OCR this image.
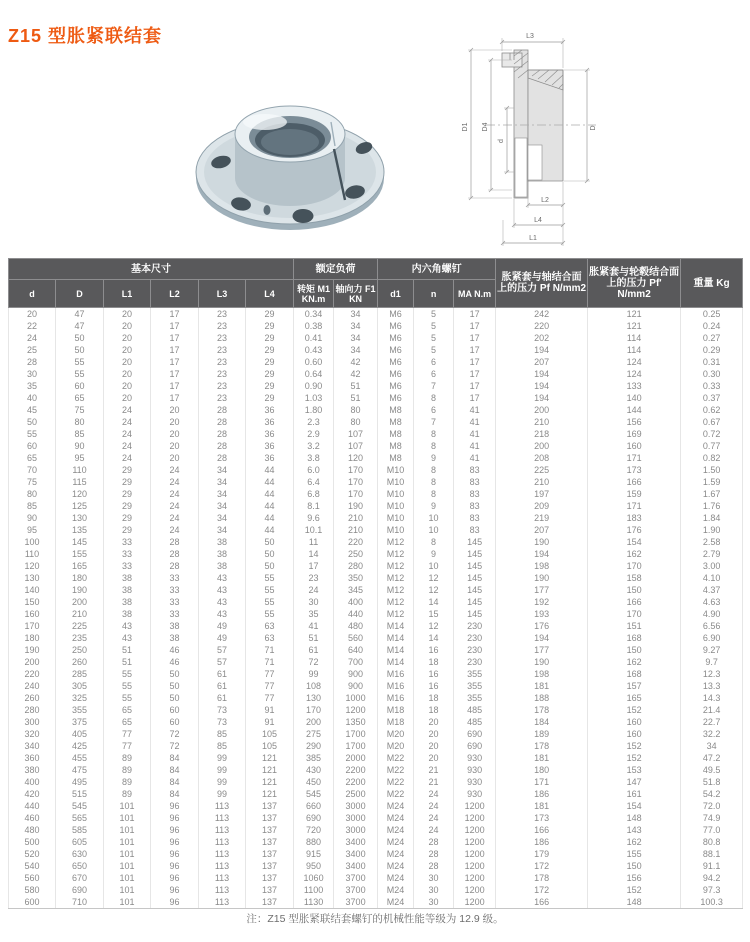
Z15 型胀紧联结套	L3
D1 D4
d
D
L2
L4
L1
基本尺寸						额定负荷		内六角螺钉			胀紧套与轴结合面上的压力 Pf N/mm2	胀紧套与轮毂结合面上的压力 Pf' N/mm2	重量 Kg
d	D	L1	L2	L3	L4	转矩 M1 KN.m	轴向力 F1 KN	d1	n	MA N.m			
20	47	20	17	23	29	0.34	34	M6	5	17	242	121	0.25
22	47	20	17	23	29	0.38	34	M6	5	17	220	121	0.24
24	50	20	17	23	29	0.41	34	M6	5	17	202	114	0.27
25	50	20	17	23	29	0.43	34	M6	5	17	194	114	0.29
28	55	20	17	23	29	0.60	42	M6	6	17	207	124	0.31
30	55	20	17	23	29	0.64	42	M6	6	17	194	124	0.30
35	60	20	17	23	29	0.90	51	M6	7	17	194	133	0.33
40	65	20	17	23	29	1.03	51	M6	8	17	194	140	0.37
45	75	24	20	28	36	1.80	80	M8	6	41	200	144	0.62
50	80	24	20	28	36	2.3	80	M8	7	41	210	156	0.67
55	85	24	20	28	36	2.9	107	M8	8	41	218	169	0.72
60	90	24	20	28	36	3.2	107	M8	8	41	200	160	0.77
65	95	24	20	28	36	3.8	120	M8	9	41	208	171	0.82
70	110	29	24	34	44	6.0	170	M10	8	83	225	173	1.50
75	115	29	24	34	44	6.4	170	M10	8	83	210	166	1.59
80	120	29	24	34	44	6.8	170	M10	8	83	197	159	1.67
85	125	29	24	34	44	8.1	190	M10	9	83	209	171	1.76
90	130	29	24	34	44	9.6	210	M10	10	83	219	183	1.84
95	135	29	24	34	44	10.1	210	M10	10	83	207	176	1.90
100	145	33	28	38	50	11	220	M12	8	145	190	154	2.58
110	155	33	28	38	50	14	250	M12	9	145	194	162	2.79
120	165	33	28	38	50	17	280	M12	10	145	198	170	3.00
130	180	38	33	43	55	23	350	M12	12	145	190	158	4.10
140	190	38	33	43	55	24	345	M12	12	145	177	150	4.37
150	200	38	33	43	55	30	400	M12	14	145	192	166	4.63
160	210	38	33	43	55	35	440	M12	15	145	193	170	4.90
170	225	43	38	49	63	41	480	M14	12	230	176	151	6.56
180	235	43	38	49	63	51	560	M14	14	230	194	168	6.90
190	250	51	46	57	71	61	640	M14	16	230	177	150	9.27
200	260	51	46	57	71	72	700	M14	18	230	190	162	9.7
220	285	55	50	61	77	99	900	M16	16	355	198	168	12.3
240	305	55	50	61	77	108	900	M16	16	355	181	157	13.3
260	325	55	50	61	77	130	1000	M16	18	355	188	165	14.3
280	355	65	60	73	91	170	1200	M18	18	485	178	152	21.4
300	375	65	60	73	91	200	1350	M18	20	485	184	160	22.7
320	405	77	72	85	105	275	1700	M20	20	690	189	160	32.2
340	425	77	72	85	105	290	1700	M20	20	690	178	152	34
360	455	89	84	99	121	385	2000	M22	20	930	181	152	47.2
380	475	89	84	99	121	430	2200	M22	21	930	180	153	49.5
400	495	89	84	99	121	450	2200	M22	21	930	171	147	51.8
420	515	89	84	99	121	545	2500	M22	24	930	186	161	54.2
440	545	101	96	113	137	660	3000	M24	24	1200	181	154	72.0
460	565	101	96	113	137	690	3000	M24	24	1200	173	148	74.9
480	585	101	96	113	137	720	3000	M24	24	1200	166	143	77.0
500	605	101	96	113	137	880	3400	M24	28	1200	186	162	80.8
520	630	101	96	113	137	915	3400	M24	28	1200	179	155	88.1
540	650	101	96	113	137	950	3400	M24	28	1200	172	150	91.1
560	670	101	96	113	137	1060	3700	M24	30	1200	178	156	94.2
580	690	101	96	113	137	1100	3700	M24	30	1200	172	152	97.3
600	710	101	96	113	137	1130	3700	M24	30	1200	166	148	100.3
注：Z15 型胀紧联结套螺钉的机械性能等级为 12.9 级。
